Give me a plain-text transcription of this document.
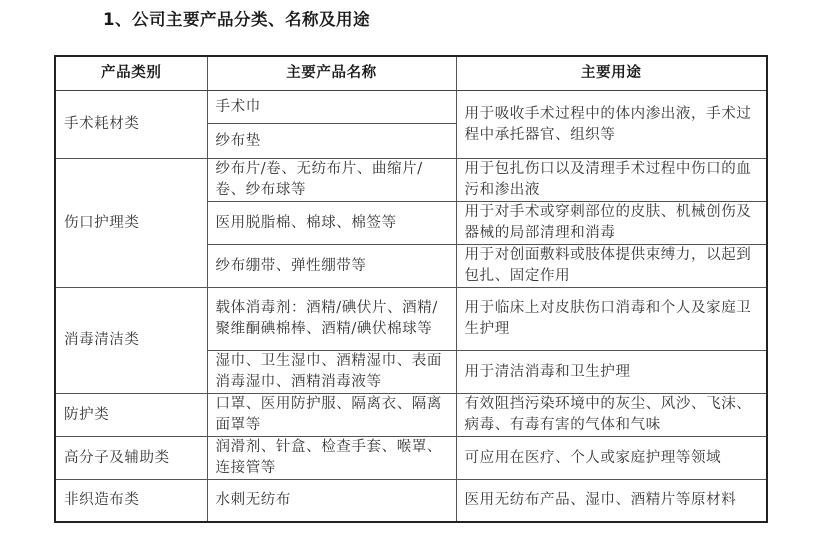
1、公司主要产品分类、名称及用途
产品类别	主要产品名称	主要用途
手术耗材类	手术巾	用于吸收手术过程中的体内渗出液，手术过程中承托器官、组织等
	纱布垫	
伤口护理类	纱布片/卷、无纺布片、曲缩片/卷、纱布球等	用于包扎伤口以及清理手术过程中伤口的血污和渗出液
	医用脱脂棉、棉球、棉签等	用于对手术或穿刺部位的皮肤、机械创伤及器械的局部清理和消毒
	纱布绷带、弹性绷带等	用于对创面敷料或肢体提供束缚力，以起到包扎、固定作用
消毒清洁类	载体消毒剂：酒精/碘伏片、酒精/聚维酮碘棉棒、酒精/碘伏棉球等	用于临床上对皮肤伤口消毒和个人及家庭卫生护理
	湿巾、卫生湿巾、酒精湿巾、表面消毒湿巾、酒精消毒液等	用于清洁消毒和卫生护理
防护类	口罩、医用防护服、隔离衣、隔离面罩等	有效阻挡污染环境中的灰尘、风沙、飞沫、病毒、有毒有害的气体和气味
高分子及辅助类	润滑剂、针盒、检查手套、喉罩、连接管等	可应用在医疗、个人或家庭护理等领域
非织造布类	水刺无纺布	医用无纺布产品、湿巾、酒精片等原材料
